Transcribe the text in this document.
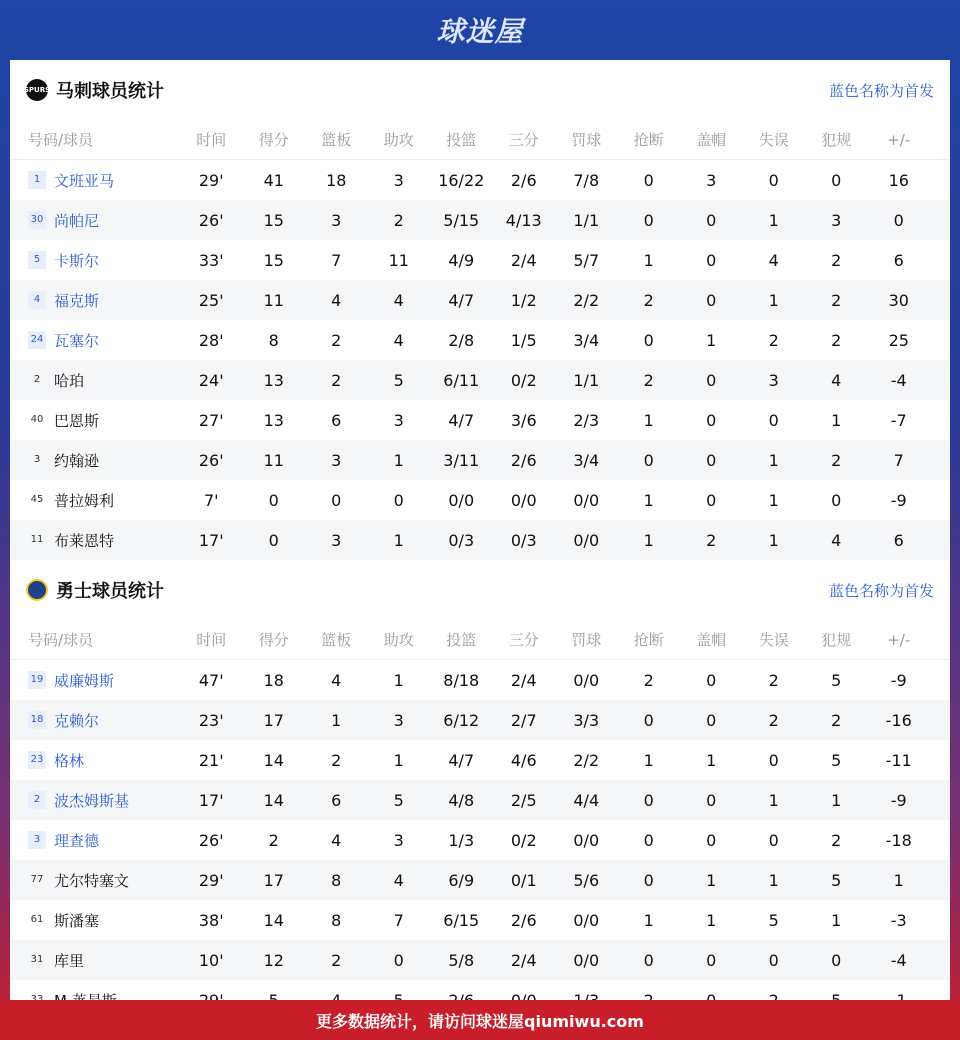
球迷屋
SPURS 马刺球员统计	蓝色名称为首发
号码/球员	时间	得分	篮板	助攻	投篮	三分	罚球	抢断	盖帽	失误	犯规	+/-
1 文班亚马	29'	41	18	3	16/22	2/6	7/8	0	3	0	0	16
30 尚帕尼	26'	15	3	2	5/15	4/13	1/1	0	0	1	3	0
5 卡斯尔	33'	15	7	11	4/9	2/4	5/7	1	0	4	2	6
4 福克斯	25'	11	4	4	4/7	1/2	2/2	2	0	1	2	30
24 瓦塞尔	28'	8	2	4	2/8	1/5	3/4	0	1	2	2	25
2 哈珀	24'	13	2	5	6/11	0/2	1/1	2	0	3	4	-4
40 巴恩斯	27'	13	6	3	4/7	3/6	2/3	1	0	0	1	-7
3 约翰逊	26'	11	3	1	3/11	2/6	3/4	0	0	1	2	7
45 普拉姆利	7'	0	0	0	0/0	0/0	0/0	1	0	1	0	-9
11 布莱恩特	17'	0	3	1	0/3	0/3	0/0	1	2	1	4	6
勇士球员统计	蓝色名称为首发
号码/球员	时间	得分	篮板	助攻	投篮	三分	罚球	抢断	盖帽	失误	犯规	+/-
19 威廉姆斯	47'	18	4	1	8/18	2/4	0/0	2	0	2	5	-9
18 克赖尔	23'	17	1	3	6/12	2/7	3/3	0	0	2	2	-16
23 格林	21'	14	2	1	4/7	4/6	2/2	1	1	0	5	-11
2 波杰姆斯基	17'	14	6	5	4/8	2/5	4/4	0	0	1	1	-9
3 理查德	26'	2	4	3	1/3	0/2	0/0	0	0	0	2	-18
77 尤尔特塞文	29'	17	8	4	6/9	0/1	5/6	0	1	1	5	1
61 斯潘塞	38'	14	8	7	6/15	2/6	0/0	1	1	5	1	-3
31 库里	10'	12	2	0	5/8	2/4	0/0	0	0	0	0	-4
更多数据统计，请访问球迷屋qiumiwu.com
